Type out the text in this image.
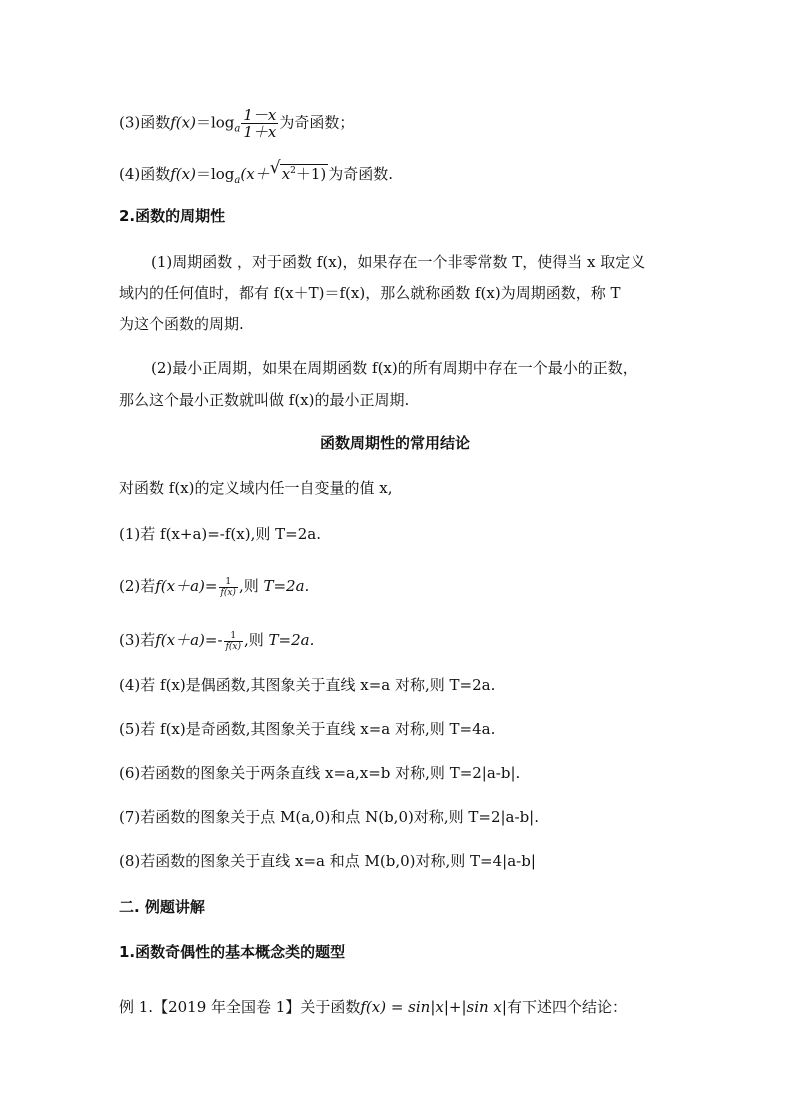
(3)函数$f(x)=\log_a \frac{1-x}{1+x}$ 为奇函数；
(4)函数$f(x)=\log_a(x+$ √ $x^2+1$) 为奇函数.
2.函数的周期性
(1)周期函数 ，对于函数 f(x)，如果存在一个非零常数 T，使得当 x 取定义
域内的任何值时，都有 f(x＋T)＝f(x)，那么就称函数 f(x)为周期函数，称 T
为这个函数的周期.
(2)最小正周期，如果在周期函数 f(x)的所有周期中存在一个最小的正数，
那么这个最小正数就叫做 f(x)的最小正周期.
函数周期性的常用结论
对函数 f(x)的定义域内任一自变量的值 x,
(1)若 f(x+a)=-f(x),则 T=2a.
(2)若$f(x+a)= \frac{1}{f(x)}$ ,则 T=2a.
(3)若$f(x+a)=- \frac{1}{f(x)}$ ,则 T=2a.
(4)若 f(x)是偶函数,其图象关于直线 x=a 对称,则 T=2a.
(5)若 f(x)是奇函数,其图象关于直线 x=a 对称,则 T=4a.
(6)若函数的图象关于两条直线 x=a,x=b 对称,则 T=2|a-b|.
(7)若函数的图象关于点 M(a,0)和点 N(b,0)对称,则 T=2|a-b|.
(8)若函数的图象关于直线 x=a 和点 M(b,0)对称,则 T=4|a-b|
二. 例题讲解
1.函数奇偶性的基本概念类的题型
例 1.【2019 年全国卷 1】关于函数f(x) = sin|x|+|sin x|有下述四个结论：
